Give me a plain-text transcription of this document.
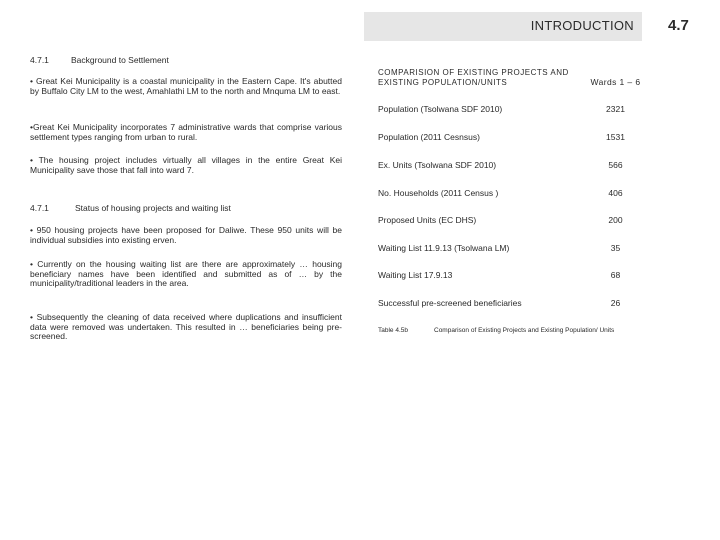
INTRODUCTION 4.7
4.7.1	Background to Settlement
• Great Kei Municipality is a coastal municipality in the Eastern Cape. It's abutted by Buffalo City LM to the west, Amahlathi LM to the north and Mnquma LM to east.
•Great Kei Municipality incorporates 7 administrative wards that comprise various settlement types ranging from urban to rural.
• The housing project includes virtually all villages in the entire Great Kei Municipality save those that fall into ward 7.
4.7.1	Status of housing projects and waiting list
• 950 housing projects have been proposed for Daliwe. These 950 units will be individual subsidies into existing erven.
• Currently on the housing waiting list are there are approximately … housing beneficiary names have been identified and submitted as of … by the municipality/traditional leaders in the area.
• Subsequently the cleaning of data received where duplications and insufficient data were removed was undertaken. This resulted in … beneficiaries being pre-screened.
COMPARISION OF EXISTING PROJECTS AND EXISTING POPULATION/UNITS	Wards 1 – 6
Population (Tsolwana SDF 2010)	2321
Population (2011 Cesnsus)	1531
Ex. Units (Tsolwana SDF 2010)	566
No. Households (2011 Census )	406
Proposed Units (EC DHS)	200
Waiting List 11.9.13 (Tsolwana LM)	35
Waiting List 17.9.13	68
Successful pre-screened beneficiaries	26
Table 4.5b	Comparison of Existing Projects and Existing Population/ Units
